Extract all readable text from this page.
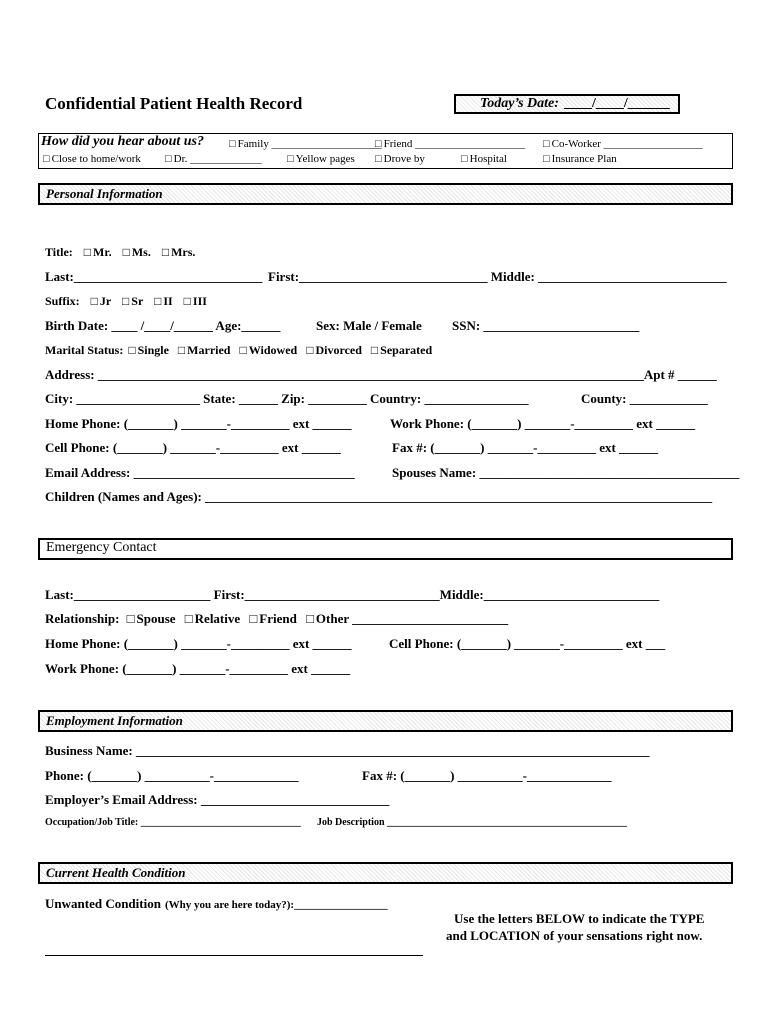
Confidential Patient Health Record	Today’s Date: ____/____/______
How did you hear about us?	□ Family ____________________ □ Friend ____________________	□ Co-Worker __________________
□ Close to home/work	□ Dr. _____________	□ Yellow pages	□ Drove by	□ Hospital	□ Insurance Plan
Personal Information
Title: □ Mr. □ Ms. □ Mrs.
Last:_____________________________ First:_____________________________ Middle: _____________________________
Suffix: □ Jr □ Sr □ II □ III
Birth Date: ____ /____/______ Age:______	Sex: Male / Female SSN: ________________________
Marital Status: □ Single □ Married □ Widowed □ Divorced □ Separated
Address: ____________________________________________________________________________________Apt # ______
City: ___________________ State: ______ Zip: _________ Country: ________________	County: ____________
Home Phone: (_______) _______-_________ ext ______	Work Phone: (_______) _______-_________ ext ______
Cell Phone: (_______) _______-_________ ext ______	Fax #: (_______) _______-_________ ext ______
Email Address: __________________________________	Spouses Name: ________________________________________
Children (Names and Ages): ______________________________________________________________________________
Emergency Contact
Last:_____________________ First:______________________________Middle:___________________________
Relationship: □ Spouse □ Relative □ Friend □ Other ________________________
Home Phone: (_______) _______-_________ ext ______	Cell Phone: (_______) _______-_________ ext ___
Work Phone: (_______) _______-_________ ext ______
Employment Information
Business Name: _______________________________________________________________________________
Phone: (_______) __________-_____________	Fax #: (_______) __________-_____________
Employer’s Email Address: _____________________________
Occupation/Job Title: ________________________________ Job Description ________________________________________________
Current Health Condition
Unwanted Condition (Why you are here today?):_________________
Use the letters BELOW to indicate the TYPE
and LOCATION of your sensations right now.
